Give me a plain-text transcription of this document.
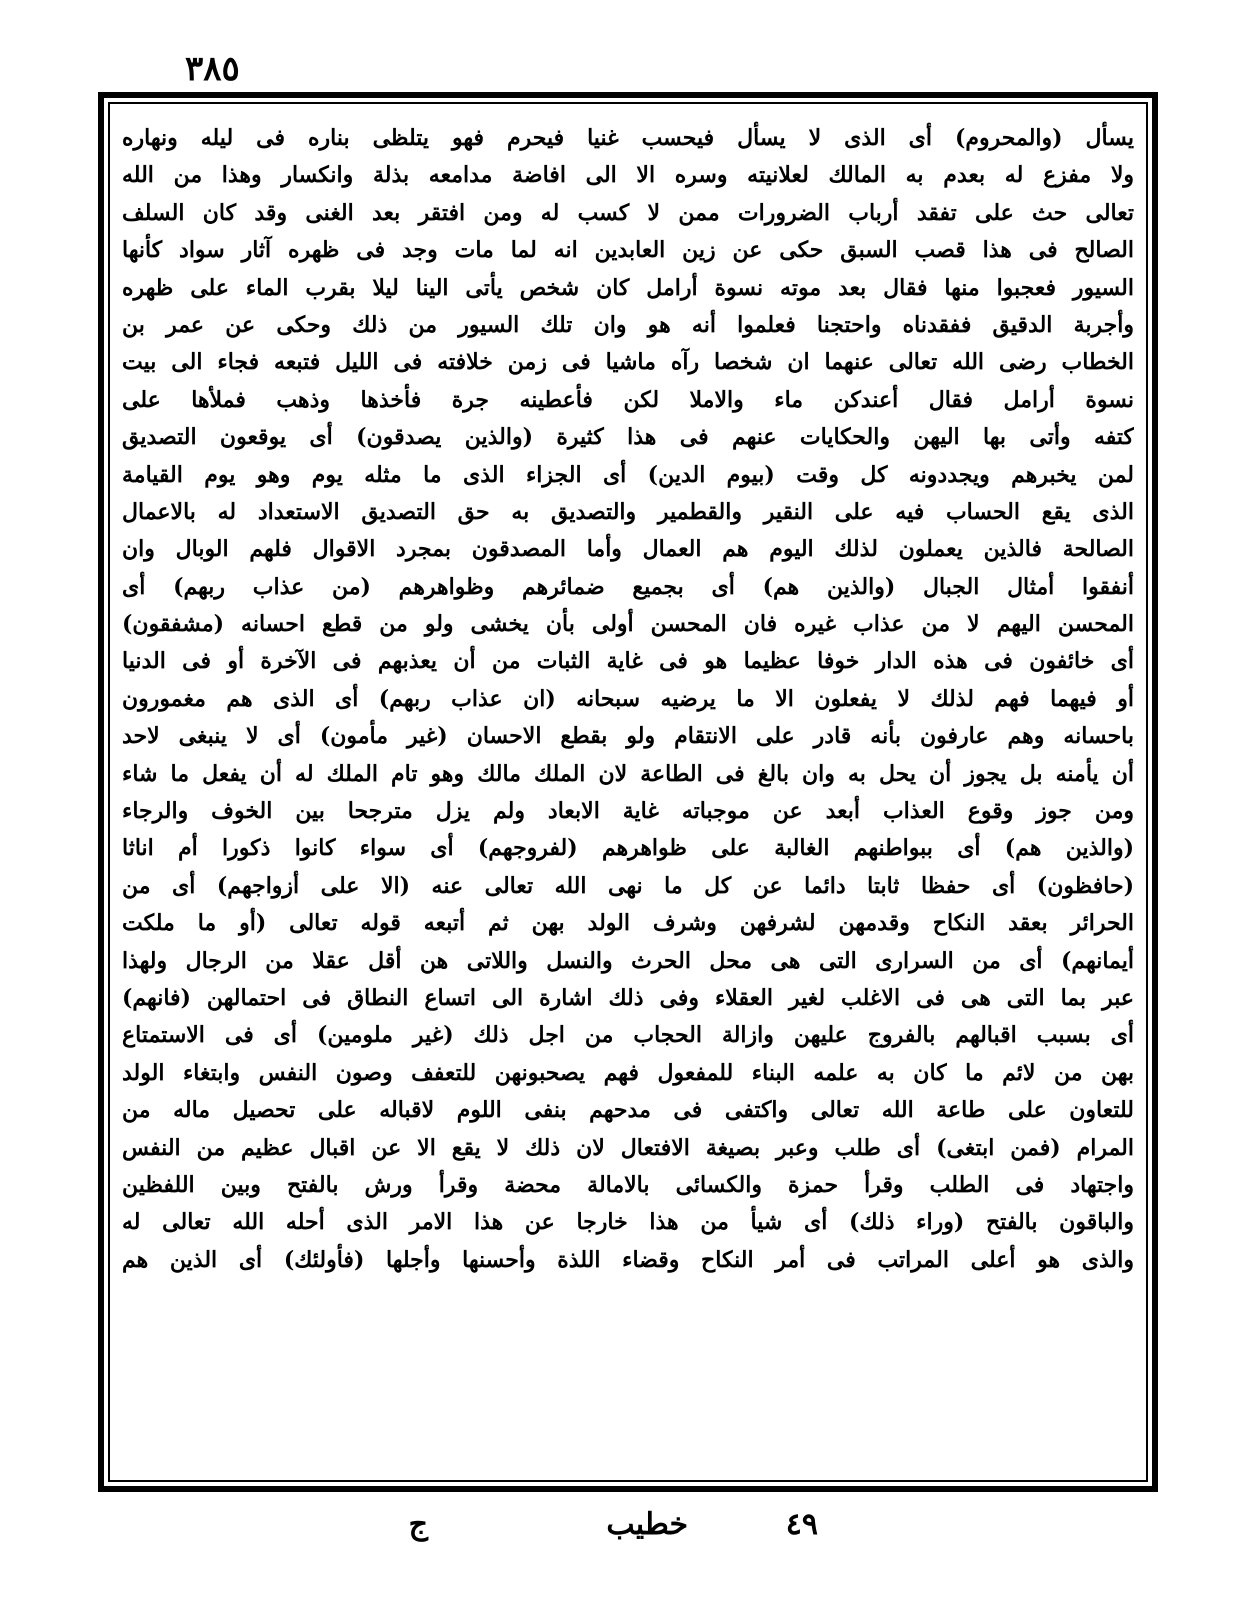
٣٨٥
يسأل (والمحروم) أى الذى لا يسأل فيحسب غنيا فيحرم فهو يتلظى بناره فى ليله ونهاره
ولا مفزع له بعدم به المالك لعلانيته وسره الا الى افاضة مدامعه بذلة وانكسار وهذا من الله
تعالى حث على تفقد أرباب الضرورات ممن لا كسب له ومن افتقر بعد الغنى وقد كان السلف
الصالح فى هذا قصب السبق حكى عن زين العابدين انه لما مات وجد فى ظهره آثار سواد كأنها
السيور فعجبوا منها فقال بعد موته نسوة أرامل كان شخص يأتى الينا ليلا بقرب الماء على ظهره
وأجربة الدقيق ففقدناه واحتجنا فعلموا أنه هو وان تلك السيور من ذلك وحكى عن عمر بن
الخطاب رضى الله تعالى عنهما ان شخصا رآه ماشيا فى زمن خلافته فى الليل فتبعه فجاء الى بيت
نسوة أرامل فقال أعندكن ماء والاملا لكن فأعطينه جرة فأخذها وذهب فملأها على
كتفه وأتى بها اليهن والحكايات عنهم فى هذا كثيرة (والذين يصدقون) أى يوقعون التصديق
لمن يخبرهم ويجددونه كل وقت (بيوم الدين) أى الجزاء الذى ما مثله يوم وهو يوم القيامة
الذى يقع الحساب فيه على النقير والقطمير والتصديق به حق التصديق الاستعداد له بالاعمال
الصالحة فالذين يعملون لذلك اليوم هم العمال وأما المصدقون بمجرد الاقوال فلهم الوبال وان
أنفقوا أمثال الجبال (والذين هم) أى بجميع ضمائرهم وظواهرهم (من عذاب ربهم) أى
المحسن اليهم لا من عذاب غيره فان المحسن أولى بأن يخشى ولو من قطع احسانه (مشفقون)
أى خائفون فى هذه الدار خوفا عظيما هو فى غاية الثبات من أن يعذبهم فى الآخرة أو فى الدنيا
أو فيهما فهم لذلك لا يفعلون الا ما يرضيه سبحانه (ان عذاب ربهم) أى الذى هم مغمورون
باحسانه وهم عارفون بأنه قادر على الانتقام ولو بقطع الاحسان (غير مأمون) أى لا ينبغى لاحد
أن يأمنه بل يجوز أن يحل به وان بالغ فى الطاعة لان الملك مالك وهو تام الملك له أن يفعل ما شاء
ومن جوز وقوع العذاب أبعد عن موجباته غاية الابعاد ولم يزل مترجحا بين الخوف والرجاء
(والذين هم) أى ببواطنهم الغالبة على ظواهرهم (لفروجهم) أى سواء كانوا ذكورا أم اناثا
(حافظون) أى حفظا ثابتا دائما عن كل ما نهى الله تعالى عنه (الا على أزواجهم) أى من
الحرائر بعقد النكاح وقدمهن لشرفهن وشرف الولد بهن ثم أتبعه قوله تعالى (أو ما ملكت
أيمانهم) أى من السرارى التى هى محل الحرث والنسل واللاتى هن أقل عقلا من الرجال ولهذا
عبر بما التى هى فى الاغلب لغير العقلاء وفى ذلك اشارة الى اتساع النطاق فى احتمالهن (فانهم)
أى بسبب اقبالهم بالفروج عليهن وازالة الحجاب من اجل ذلك (غير ملومين) أى فى الاستمتاع
بهن من لائم ما كان به علمه البناء للمفعول فهم يصحبونهن للتعفف وصون النفس وابتغاء الولد
للتعاون على طاعة الله تعالى واكتفى فى مدحهم بنفى اللوم لاقباله على تحصيل ماله من
المرام (فمن ابتغى) أى طلب وعبر بصيغة الافتعال لان ذلك لا يقع الا عن اقبال عظيم من النفس
واجتهاد فى الطلب وقرأ حمزة والكسائى بالامالة محضة وقرأ ورش بالفتح وبين اللفظين
والباقون بالفتح (وراء ذلك) أى شيأ من هذا خارجا عن هذا الامر الذى أحله الله تعالى له
والذى هو أعلى المراتب فى أمر النكاح وقضاء اللذة وأحسنها وأجلها (فأولئك) أى الذين هم
٤٩
خطيب
ج
